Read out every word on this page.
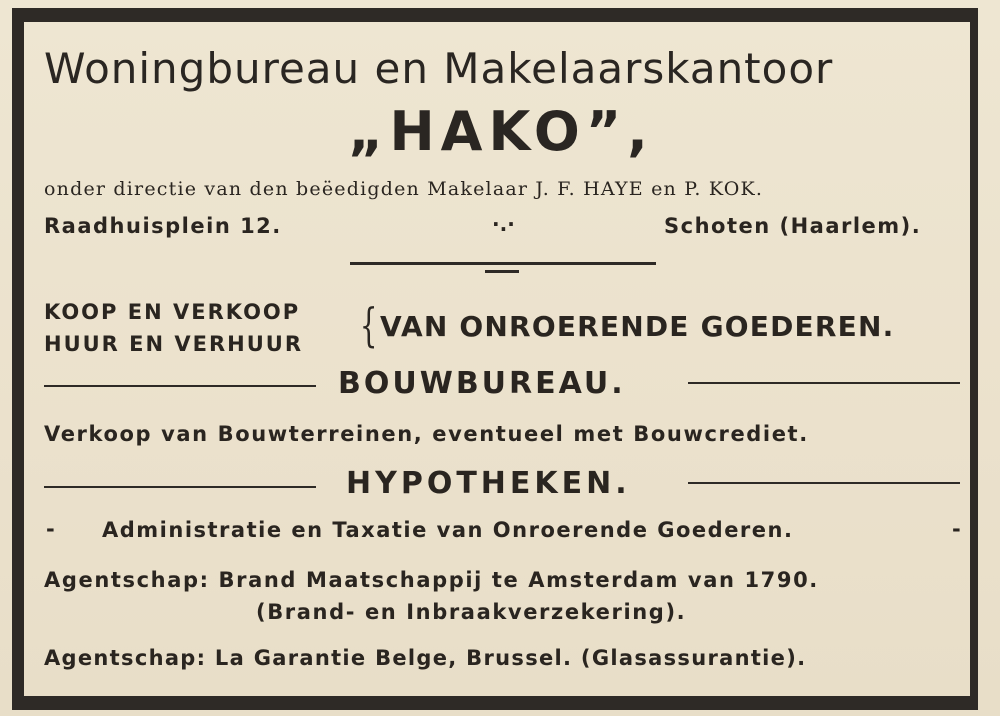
Woningbureau en Makelaarskantoor
„HAKO”,
onder directie van den beëedigden Makelaar J. F. HAYE en P. KOK.
Raadhuisplein 12.	·.·	Schoten (Haarlem).
KOOP EN VERKOOP
HUUR EN VERHUUR { VAN ONROERENDE GOEDEREN.
BOUWBUREAU.
Verkoop van Bouwterreinen, eventueel met Bouwcrediet.
HYPOTHEKEN.
- Administratie en Taxatie van Onroerende Goederen.	-
Agentschap: Brand Maatschappij te Amsterdam van 1790.
(Brand- en Inbraakverzekering).
Agentschap: La Garantie Belge, Brussel. (Glasassurantie).
